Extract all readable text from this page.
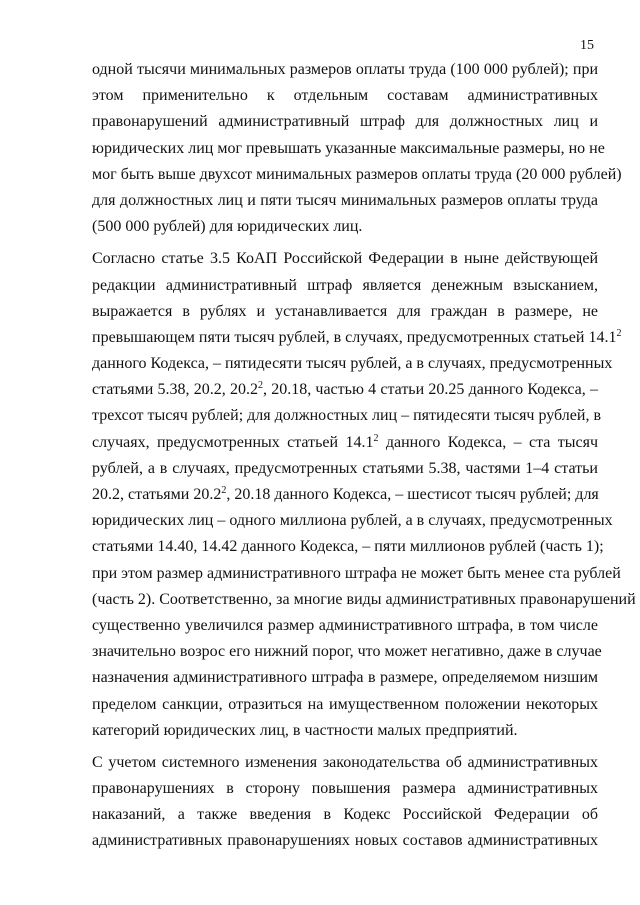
15
одной тысячи минимальных размеров оплаты труда (100 000 рублей); при
этом применительно к отдельным составам административных
правонарушений административный штраф для должностных лиц и
юридических лиц мог превышать указанные максимальные размеры, но не
мог быть выше двухсот минимальных размеров оплаты труда (20 000 рублей)
для должностных лиц и пяти тысяч минимальных размеров оплаты труда
(500 000 рублей) для юридических лиц.
Согласно статье 3.5 КоАП Российской Федерации в ныне действующей
редакции административный штраф является денежным взысканием,
выражается в рублях и устанавливается для граждан в размере, не
превышающем пяти тысяч рублей, в случаях, предусмотренных статьей 14.1$^2$
данного Кодекса, – пятидесяти тысяч рублей, а в случаях, предусмотренных
статьями 5.38, 20.2, 20.2$^2$, 20.18, частью 4 статьи 20.25 данного Кодекса, –
трехсот тысяч рублей; для должностных лиц – пятидесяти тысяч рублей, в
случаях, предусмотренных статьей 14.1$^2$ данного Кодекса, – ста тысяч
рублей, а в случаях, предусмотренных статьями 5.38, частями 1–4 статьи
20.2, статьями 20.2$^2$, 20.18 данного Кодекса, – шестисот тысяч рублей; для
юридических лиц – одного миллиона рублей, а в случаях, предусмотренных
статьями 14.40, 14.42 данного Кодекса, – пяти миллионов рублей (часть 1);
при этом размер административного штрафа не может быть менее ста рублей
(часть 2). Соответственно, за многие виды административных правонарушений
существенно увеличился размер административного штрафа, в том числе
значительно возрос его нижний порог, что может негативно, даже в случае
назначения административного штрафа в размере, определяемом низшим
пределом санкции, отразиться на имущественном положении некоторых
категорий юридических лиц, в частности малых предприятий.
С учетом системного изменения законодательства об административных
правонарушениях в сторону повышения размера административных
наказаний, а также введения в Кодекс Российской Федерации об
административных правонарушениях новых составов административных
